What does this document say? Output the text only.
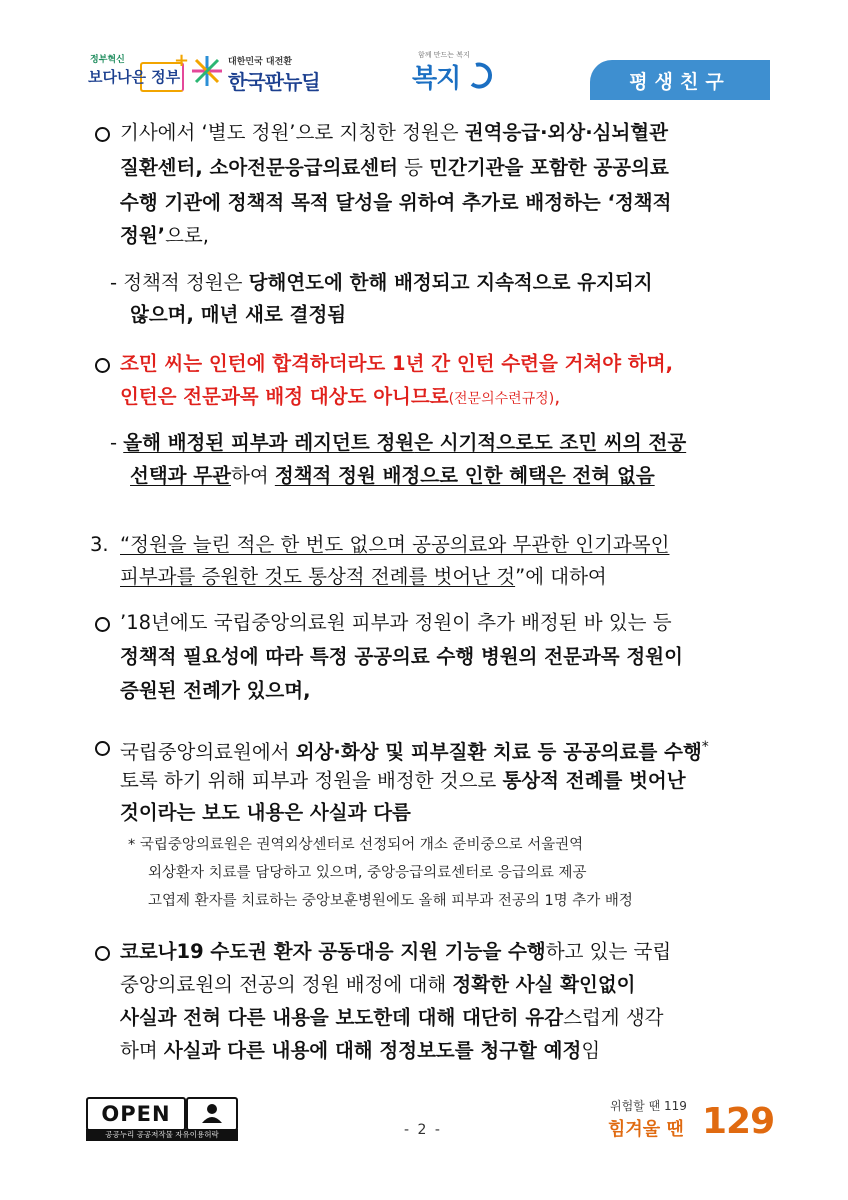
정부혁신	+
보다나은 정부
대한민국 대전환
한국판뉴딜
함께 만드는 복지
복지	평생친구
기사에서 ‘별도 정원’으로 지칭한 정원은 권역응급·외상·심뇌혈관
질환센터, 소아전문응급의료센터 등 민간기관을 포함한 공공의료
수행 기관에 정책적 목적 달성을 위하여 추가로 배정하는 ‘정책적
정원’으로,
- 정책적 정원은 당해연도에 한해 배정되고 지속적으로 유지되지
않으며, 매년 새로 결정됨
조민 씨는 인턴에 합격하더라도 1년 간 인턴 수련을 거쳐야 하며,
인턴은 전문과목 배정 대상도 아니므로(전문의수련규정),
- 올해 배정된 피부과 레지던트 정원은 시기적으로도 조민 씨의 전공
선택과 무관하여 정책적 정원 배정으로 인한 혜택은 전혀 없음
3. “정원을 늘린 적은 한 번도 없으며 공공의료와 무관한 인기과목인
피부과를 증원한 것도 통상적 전례를 벗어난 것”에 대하여
’18년에도 국립중앙의료원 피부과 정원이 추가 배정된 바 있는 등
정책적 필요성에 따라 특정 공공의료 수행 병원의 전문과목 정원이
증원된 전례가 있으며,
국립중앙의료원에서 외상·화상 및 피부질환 치료 등 공공의료를 수행*
토록 하기 위해 피부과 정원을 배정한 것으로 통상적 전례를 벗어난
것이라는 보도 내용은 사실과 다름
* 국립중앙의료원은 권역외상센터로 선정되어 개소 준비중으로 서울권역
외상환자 치료를 담당하고 있으며, 중앙응급의료센터로 응급의료 제공
고엽제 환자를 치료하는 중앙보훈병원에도 올해 피부과 전공의 1명 추가 배정
코로나19 수도권 환자 공동대응 지원 기능을 수행하고 있는 국립
중앙의료원의 전공의 정원 배정에 대해 정확한 사실 확인없이
사실과 전혀 다른 내용을 보도한데 대해 대단히 유감스럽게 생각
하며 사실과 다른 내용에 대해 정정보도를 청구할 예정임
OPEN
공공누리 공공저작물 자유이용허락	- 2 -
위험할 땐 119
힘겨울 땐 129
